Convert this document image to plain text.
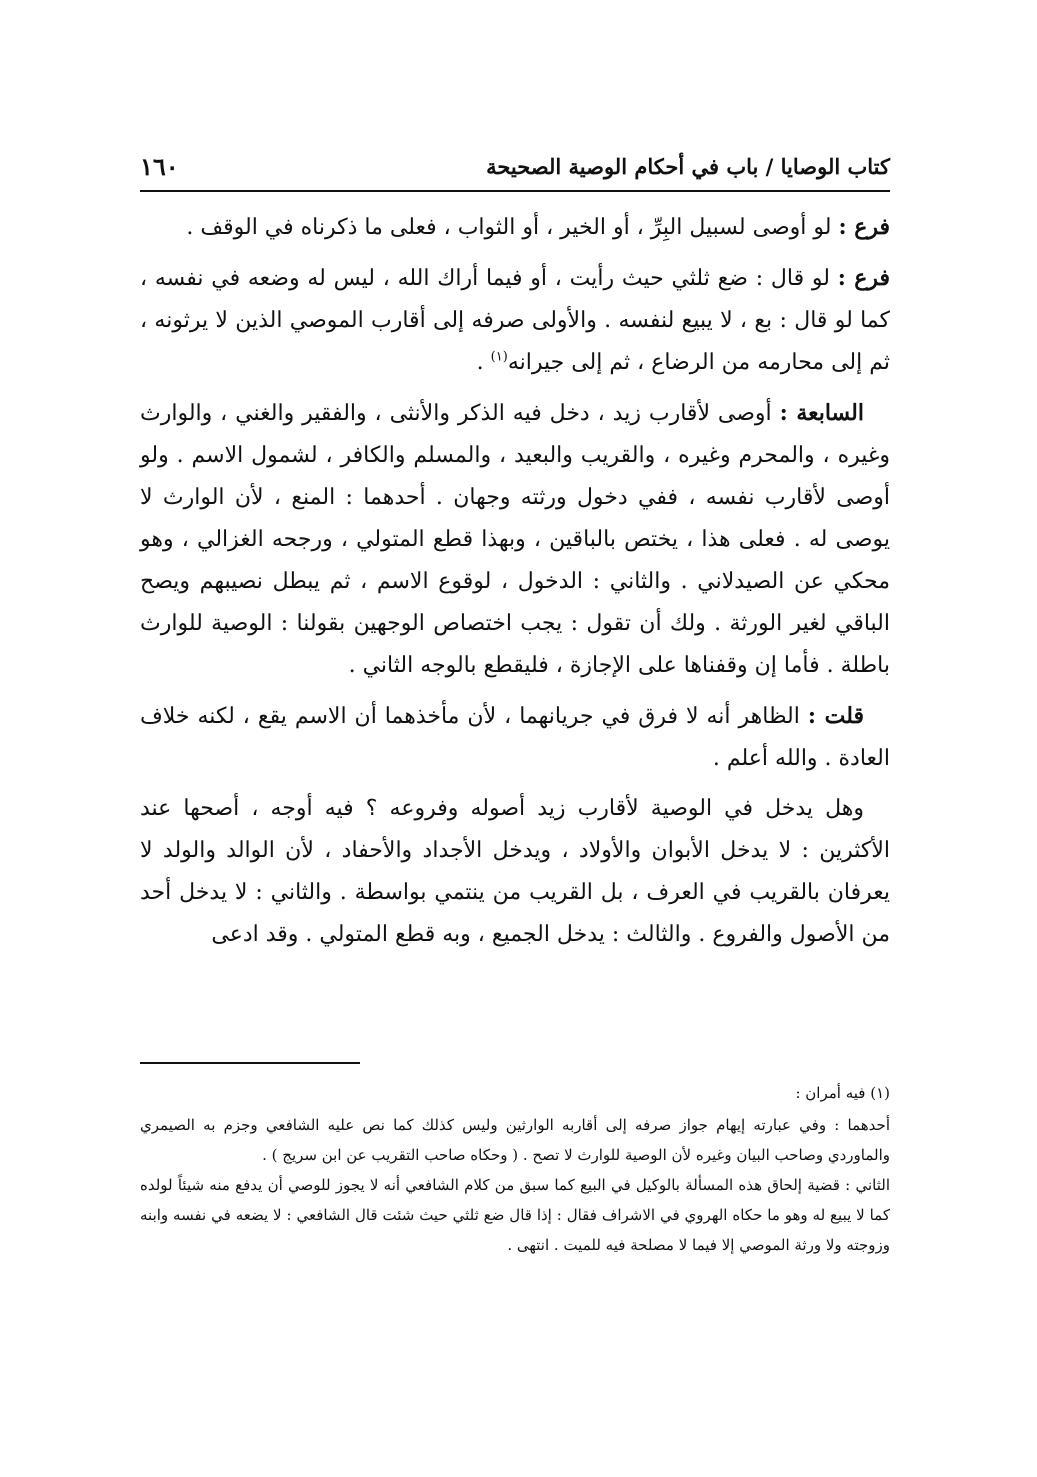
كتاب الوصايا / باب في أحكام الوصية الصحيحة
١٦٠

فرع : لو أوصى لسبيل البِرِّ ، أو الخير ، أو الثواب ، فعلى ما ذكرناه في الوقف .

فرع : لو قال : ضع ثلثي حيث رأيت ، أو فيما أراك الله ، ليس له وضعه في نفسه ، كما لو قال : بع ، لا يبيع لنفسه . والأولى صرفه إلى أقارب الموصي الذين لا يرثونه ، ثم إلى محارمه من الرضاع ، ثم إلى جيرانه$^{(١)}$ .

السابعة : أوصى لأقارب زيد ، دخل فيه الذكر والأنثى ، والفقير والغني ، والوارث وغيره ، والمحرم وغيره ، والقريب والبعيد ، والمسلم والكافر ، لشمول الاسم . ولو أوصى لأقارب نفسه ، ففي دخول ورثته وجهان . أحدهما : المنع ، لأن الوارث لا يوصى له . فعلى هذا ، يختص بالباقين ، وبهذا قطع المتولي ، ورجحه الغزالي ، وهو محكي عن الصيدلاني . والثاني : الدخول ، لوقوع الاسم ، ثم يبطل نصيبهم ويصح الباقي لغير الورثة . ولك أن تقول : يجب اختصاص الوجهين بقولنا : الوصية للوارث باطلة . فأما إن وقفناها على الإجازة ، فليقطع بالوجه الثاني .

قلت : الظاهر أنه لا فرق في جريانهما ، لأن مأخذهما أن الاسم يقع ، لكنه خلاف العادة . والله أعلم .

وهل يدخل في الوصية لأقارب زيد أصوله وفروعه ؟ فيه أوجه ، أصحها عند الأكثرين : لا يدخل الأبوان والأولاد ، ويدخل الأجداد والأحفاد ، لأن الوالد والولد لا يعرفان بالقريب في العرف ، بل القريب من ينتمي بواسطة . والثاني : لا يدخل أحد من الأصول والفروع . والثالث : يدخل الجميع ، وبه قطع المتولي . وقد ادعى

(١) فيه أمران :

أحدهما : وفي عبارته إيهام جواز صرفه إلى أقاربه الوارثين وليس كذلك كما نص عليه الشافعي وجزم به الصيمري والماوردي وصاحب البيان وغيره لأن الوصية للوارث لا تصح . ( وحكاه صاحب التقريب عن ابن سريج ) .

الثاني : قضية إلحاق هذه المسألة بالوكيل في البيع كما سبق من كلام الشافعي أنه لا يجوز للوصي أن يدفع منه شيئاً لولده كما لا يبيع له وهو ما حكاه الهروي في الاشراف فقال : إذا قال ضع ثلثي حيث شئت قال الشافعي : لا يضعه في نفسه وابنه وزوجته ولا ورثة الموصي إلا فيما لا مصلحة فيه للميت . انتهى .
